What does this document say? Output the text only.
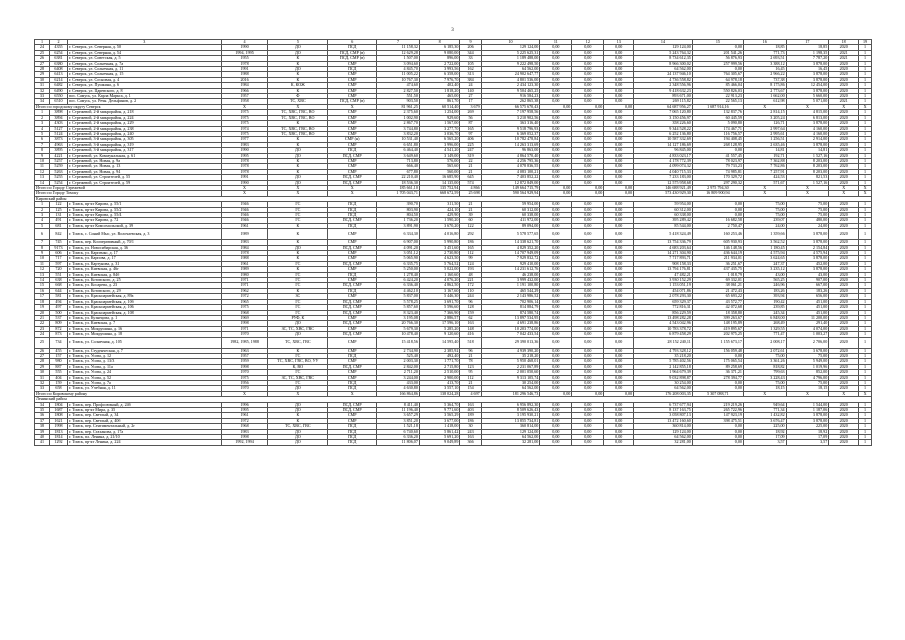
3
1	2	3	4	5	6	7	8	9	10	11	12	13	14	15	16	17	18	19
24	4355	г. Северск, ул. Северная, д. 50	1990	ДО	ПСД	11 158,32	6 185,30	206	129 124,00	0,00	0,00	0,00	129 124,00	0,00	18,85	18,85	2020	1
25	6254	г. Северск, ул. Северная, д. 54	1994, 1995	ДО	ПСД, СМР (в)	12 629,28	9 080,00	344	5 225 625,31	0,00	0,00	0,00	5 243 764,32	201 541,26	771,73	1 198,35	2021	1
26	6381	г. Северск, ул. Советская, д. 5	1955	К	ПСД, СМР (в)	1 507,00	896,00	33	1 189 488,00	0,00	0,00	0,00	8 734 612,35	56 876,93	2 693,51	7 787,20	2021	1
27	6380	г. Северск, ул. Солнечная, д. 7а	1978	К	СМР	3 094,60	2 722,00	105	9 222 498,50	0,00	0,00	0,00	8 966 300,02	257 999,56	3 388,12	3 878,00	2020	1
28	6408	г. Северск, ул. Солнечная, д. 11	1991	ДО	ПСД	4 845,70	3 993,56	162	64 562,00	0,00	0,00	0,00	64 562,00	0,00	16,45	16,45	2020	1
29	6413	г. Северск, ул. Солнечная, д. 15	1988	К	СМР	11 005,22	6 358,00	313	24 902 647,77	0,00	0,00	0,00	24 137 946,10	764 305,67	2 966,22	3 878,00	2020	1
30	6214	г. Северск, ул. Сосновая, д. 4	2016	К	СМР	10 767,30	7 976,70	384	4 801 536,00	0,00	0,00	0,00	4 736 558,82	64 978,18	737,38	3 878,00	2020	1
31	6482	г. Северск, ул. Пушкина, д. 6	1984	К, КОЖ	СМР	474,60	402,40	24	2 434 123,30	0,00	0,00	0,00	2 348 556,96	85 466,04	8 175,86	12 454,00	2020	1
32	6490	г. Северск, ул. Царевского, д. 8	1966	К	СМР	2 827,50	1 818,20	140	9 504 465,25	0,00	0,00	0,00	9 418 632,23	550 826,03	2 773,67	3 878,00	2020	1
33	6550	пос. Самусь, ул. Карла Маркса, д. 1	1957	Ф	СМР	551,50	465,00	27	916 584,23	0,00	0,00	0,00	893 671,00	22 913,23	1 662,00	5 660,00	2020	1
34	6510	пос. Самусь, ул. Речн. Дельфинов, д. 2	1958	ТС, ХВС	ПСД, СМР (в)	903,50	861,70	17	262 865,38	0,00	0,00	0,00	269 115,82	22 565,13	612,98	5 071,00	2021	1
Итого по городскому округу Северск			Х	Х	Х	81 961,25	60 514,40	3 679	66 575 670,43	0,00	0,00	0,00	64 687 956,27	1 687 914,16	Х	Х	Х	Х
1	3898	г. Стрежевой, 2-й микрорайон, д. 218	1975	ТС, ХВС, ГВС, ВО	СМР	2 375,60	1 254,00	269	7 197 958,56	0,00	0,00	0,00	7 065 120,80	132 837,76	2 814,15	4 815,00	2020	1
2	3894	г. Стрежевой, 2-й микрорайон, д. 224	1975	ТС, ХВС, ГВС, ВО	СМР	1 002,90	929,60	56	3 210 902,56	0,00	0,00	0,00	3 150 456,97	60 445,59	3 205,24	6 813,00	2020	1
3	4303	г. Стрежевой, 2-й микрорайон, д. 229	1975	К	СМР	2 867,70	1 567,00	87	363 316,40	0,00	0,00	0,00	358 226,60	5 090,80	126,71	3 878,00	2020	1
4	5127	г. Стрежевой, 2-й микрорайон, д. 238	1974	ТС, ХВС, ГВС, ВО	СМР	3 744,80	3 277,70	165	9 518 796,93	0,00	0,00	0,00	9 344 528,22	174 467,71	2 997,64	4 160,00	2020	1
5	5124	г. Стрежевой, 2-й микрорайон, д. 240	1975	ТС, ХВС, ГВС, ВО	СМР	3 832,20	3 036,70	97	6 369 052,37	0,00	0,00	0,00	6 252 136,80	116 756,57	2 995,61	4 160,00	2020	1
6	3873	г. Стрежевой, 3-й микрорайон, д. 305	1977	К	СМР (н)	10 531,40	6 565,20	406	10 782 478,84	0,00	0,00	0,00	10 587 332,69	194 408,45	1 256,51	2 914,00	2020	1
7	4963	г. Стрежевой, 3-й микрорайон, д. 319	1983	К	СМР	6 651,80	3 996,00	225	14 263 313,69	0,00	0,00	0,00	14 127 186,69	268 128,95	2 635,46	3 878,00	2020	1
8	3895	г. Стрежевой, 3-й микрорайон, д. 317	1990	ДО	ПСД	6 464,40	4 541,20	247	96 863,00	0,00	0,00	0,00	96 845,00	0,00	14,81	14,81	2020	1
9	4221	г. Стрежевой, ул. Коммунальная, д. 61	1995	ДО	ПСД, СМР	3 649,60	3 149,00	319	4 864 570,40	0,00	0,00	0,00	4 833 023,17	41 557,45	192,71	1 527,16	2020	1
10	5257	г. Стрежевой, ул. Новая, д. 9а	1978	К	СМР	713,80	576,00	22	4 256 795,36	0,00	0,00	0,00	4 178 772,39	78 023,97	7 362,88	8 203,00	2020	1
11	5259	г. Стрежевой, ул. Новая, д. 13	1978	К	СМР	666,40	565,60	21	4 078 836,55	0,00	0,00	0,00	4 099 074,32	79 733,23	7 762,86	8 203,00	2020	1
12	5263	г. Стрежевой, ул. Новая, д. 94	1978	К	СМР	677,80	560,00	21	4 083 100,21	0,00	0,00	0,00	4 040 715,33	74 985,81	7 257,91	8 203,00	2020	1
13	5255	г. Стрежевой, ул. Строителей, д. 55	1991	ДО	ПСД, СМР	22 210,40	16 685,90	645	7 403 852,22	0,00	0,00	0,00	7 233 183,00	170 329,72	424,53	821,53	2020	1
14	5254	г. Стрежевой, ул. Строителей, д. 59	1990	ДО	ПСД, СМР	18 536,30	14 135,00	574	12 872 849,00	0,00	0,00	0,00	12 575 958,68	297 290,32	571,67	1 527,16	2020	1
Итого по Городу Стрежевой			Х	Х	Х	185 661,10	135 752,94	4 866	149 664 715,79	0,00	0,00	0,00	146 688 921,49	2 975 794,30	Х	Х	Х	Х
Итого по Городу Томску			Х	Х	Х	1 705 043,71	668 672,59	25 698	590 564 929,94	0,00	0,00	0,00	573 430 929,30	16 809 900,94	Х	Х	Х	Х
Кировский район																		
1	122	г. Томск, пр-кт Кирова, д. 55/1	1946	ГС	ПСД	390,70	311,50	21	59 954,00	0,00	0,00	0,00	59 954,00	0,00	75,00	75,00	2020	1
2	125	г. Томск, пр-кт Кирова, д. 55/2	1946	ГС	ПСД	803,90	424,10	21	60 312,00	0,00	0,00	0,00	60 312,00	0,00	75,00	75,00	2020	1
3	131	г. Томск, пр-кт Кирова, д. 55/4	1946	ГС	ПСД	804,50	429,90	39	60 338,00	0,00	0,00	0,00	60 338,00	0,00	75,00	75,00	2020	1
4	491	г. Томск, пр-кт Кирова, д. 72	1946	ГС	ПСД, СМР	1 736,20	1 590,20	60	411 972,00	0,00	0,00	0,00	395 289,42	16 682,58	239,07	480,00	2020	1
5	681	г. Томск, пр-кт Комсомольский, д. 39	1961	К	ПСД	3 891,90	3 670,20	122	89 094,00	0,00	0,00	0,00	85 544,00	2 750,47	24,00	24,00	2020	1
6	842	г. Томск, с. Синий Мыс, ул. Волочаевская, д. 3	1989	К	СМР	6 334,30	4 016,80	292	5 578 577,65	0,00	0,00	0,00	5 418 324,49	160 253,46	1 359,66	3 878,00	2020	1
7	745	г. Томск, пер. Кооперативный, д. 70/1	1983	К	СМР	6 907,00	5 990,80	186	14 338 621,70	0,00	0,00	0,00	13 754 336,79	605 930,93	3 562,52	3 878,00	2020	1
8	9173	г. Томск, ул. Новосибирская, д. 36	1984	ДО	ПСД, СМР	4 091,20	3 451,60	165	4 829 352,20	0,00	0,00	0,00	4 683 203,64	146 148,56	1 180,45	2 154,84	2020	1
9	606	г. Томск, ул. Карпенко, д. 17	1978	К	СМР	3 051,12	2 730,80	112	14 707 949,09	0,00	0,00	0,00	14 271 304,90	436 644,19	4 575,94	4 575,94	2020	1
10	717	г. Томск, ул. Карпова, д. 17	1988	К	СМР	5 065,90	4 623,50	99	7 929 832,72	0,00	0,00	0,00	7 717 893,71	211 934,01	3 624,65	3 878,00	2020	1
11	597	г. Томск, ул. Картунова, д. 31	1961	ГС	ПСД, СМР	6 335,75	5 764,52	124	929 410,00	0,00	0,00	0,00	908 158,33	36 251,67	247,37	452,00	2020	1
12	720	г. Томск, ул. Киевская, д. 46г	1989	К	СМР	5 250,00	5 022,00	193	14 231 612,76	0,00	0,00	0,00	13 794 176,81	437 435,75	3 235,12	3 878,00	2020	1
13	551	г. Томск, ул. Киевская, д. 84б	1980	ГС	ПСД	1 278,40	1 160,60	48	46 238,00	0,00	0,00	0,00	47 482,21	1 018,79	43,00	43,00	2020	1
14	638	г. Томск, ул. Котовского, д. 25	1971	ГС	СМР	6 424,20	4 076,20	221	3 999 432,00	0,00	0,00	0,00	3 930 152,29	69 332,01	565,25	907,00	2020	1
15	668	г. Томск, ул. Косарева, д. 23	1971	ГС	ПСД, СМР	6 336,40	4 862,50	172	1 191 100,80	0,00	0,00	0,00	1 153 051,19	38 061,21	246,96	667,00	2020	1
16	644	г. Томск, ул. Котовского, д. 29	1962	К	ПСД	4 462,10	3 167,60	110	465 544,29	0,00	0,00	0,00	454 071,86	21 472,43	183,26	183,26	2020	1
17	581	г. Томск, ул. Красноармейская, д. 89а	1972	ЗС	СМР	5 837,00	5 446,30	244	2 143 986,52	0,00	0,00	0,00	2 078 293,30	65 693,22	393,94	656,00	2020	1
18	494	г. Томск, ул. Красноармейская, д. 10б	1965	ГС	ПСД, СМР	5 578,25	3 691,70	96	702 906,14	0,00	0,00	0,00	659 329,37	43 572,77	190,42	451,00	2020	1
19	497	г. Томск, ул. Красноармейская, д. 106	1975	ГС	ПСД, СМР	5 857,60	5 596,60	128	814 884,79	0,00	0,00	0,00	772 816,31	42 072,68	239,85	451,00	2020	1
20	500	г. Томск, ул. Красноармейская, д. 108	1968	ГС	ПСД, СМР	8 323,40	7 366,90	159	874 580,74	0,00	0,00	0,00	856 229,59	18 358,80	245,34	451,00	2020	1
21	537	г. Томск, ул. Кузнецова, д. 1	1969	РУФ, К	СМР	3 195,08	2 886,57	62	13 897 534,95	0,00	0,00	0,00	13 498 282,28	399 263,67	6 848,00	11 200,00	2020	1
22	809	г. Томск, ул. Киевская, д. 7	1998	ДО	ПСД, СМР	20 766,30	17 596,10	163	4 691 238,86	0,00	0,00	0,00	4 543 042,96	148 195,89	268,49	291,40	2020	1
23	872	г. Томск, ул. Мокрушина, д. 16	1971	ЗС, ТС, ХВС, ГВС	СМР	5 679,30	5 285,20	148	10 203 774,00	0,00	0,00	0,00	10 783 378,72	419 895,67	1 329,55	4 074,00	2020	1
24	873	г. Томск, ул. Мокрушина, д. 18	1970	ДО	ПСД, СМР	10 478,40	9 120,60	416	7 042 433,54	0,00	0,00	0,00	6 879 458,29	202 975,25	771,47	1 003,27	2020	1
25	734	г. Томск, ул. Солнечная, д. 105	1982, 1985, 1988	ТС, ХВС, ГВС	СМР	15 418,56	14 595,40	518	29 390 013,36	0,00	0,00	0,00	28 152 240,11	1 155 673,17	2 008,17	2 706,00	2020	1
26	455	г. Томск, ул. Студенческая, д. 7	1963	К	СМР	2 734,90	2 385,92	96	4 939 390,20	0,00	0,00	0,00	4 793 328,12	156 059,48	2 072,61	3 678,00	2020	1
27	157	г. Томск, ул. Усова, д. 12	1957	ГС	ПСД	525,40	492,40	21	35 218,20	0,00	0,00	0,00	35 218,20	0,00	75,00	75,00	2020	1
28	980	г. Томск, ул. Усова, д. 13/3	1959	ТС, ХВС, ГВС, ВО, УУ	СМР	2 003,30	1 771,70	78	5 950 468,01	0,00	0,00	0,00	5 785 402,56	175 065,54	3 361,26	5 949,00	2020	1
29	887	г. Томск, ул. Усова, д. 11а	1998	К, ВО	ПСД, СМР	2 842,00	2 715,80	123	2 231 067,89	0,00	0,00	0,00	2 142 855,18	89 258,69	818,82	1 019,96	2020	1
30	555	г. Томск, ул. Усова, д. 24	1970	ГС	СМР	2 711,20	2 510,00	95	2 001 050,60	0,00	0,00	0,00	1 964 679,39	36 371,21	799,63	852,00	2020	1
31	404	г. Томск, ул. Усова, д. 52	1975	ЗС, ТС, ХВС, ГВС	СМР	3 244,00	2 900,00	112	9 313 105,74	0,00	0,00	0,00	9 032 898,87	278 394,77	3 228,43	4 796,00	2020	1
32	159	г. Томск, ул. Усова, д. 7а	1956	ГС	ПСД	433,00	413,70	21	30 254,00	0,00	0,00	0,00	30 254,00	0,00	75,00	75,00	2020	1
33	658	г. Томск, ул. Учебная, д. 11	1970	ДО	ПСД	4 630,80	3 557,10	154	64 562,00	0,00	0,00	0,00	64 562,00	0,00	18,15	18,15	2020	1
Итого по Кировскому району			Х	Х	Х	166 864,86	138 024,28	4 697	181 296 546,73	0,00	0,00	0,00	176 208 003,35	5 307 088,71	Х	Х	Х	Х
Ленинский район																		
34	1804	г. Томск, пер. Профсоюзный, д. 24б	1996	ДО	ПСД, СМР	8 411,40	5 364,70	163	6 956 892,30	0,00	0,00	0,00	6 737 677,94	219 219,26	949,64	1 544,00	2020	1
35	1687	г. Томск, пр-кт Мира, д. 35	1995	ДО	ПСД, СМР	11 196,40	9 771,60	403	8 509 626,43	0,00	0,00	0,00	8 137 163,75	265 722,96	771,34	1 187,06	2020	1
36	1808	г. Томск, пер. Светлый, д. 34	1961	К	СМР	3 657,29	3 565,29	189	3 195 930,21	0,00	0,00	0,00	3 058 807,13	147 923,19	1 432,82	3 878,00	2020	1
37	1621	г. Томск, пер. Светлый, д. 40б	1972	К	СМР	3 851,20	3 677,00	186	13 855 734,81	0,00	0,00	0,00	13 472 160,60	398 475,51	3 676,47	3 878,00	2020	1
38	1998	г. Томск, пер. Сентиментальный, д. 2г	1968	ТС, ХВС, ГВС	ПСД	1 521,18	1 418,00	30	360 814,00	0,00	0,00	0,00	360 814,00	0,00	225,00	225,00	2020	1
39	1813	г. Томск, пер. Стаханова, д. 17а	1983	ДО	ПСД	6 740,60	5 861,42	243	129 124,00	0,00	0,00	0,00	129 124,00	0,00	18,92	18,92	2020	1
40	1814	г. Томск, пл. Ленина, д. 21/10	1998	ДО	ПСД	6 336,20	5 691,20	163	64 562,00	0,00	0,00	0,00	64 562,00	0,00	17,09	17,09	2020	1
41	1292	г. Томск, пр-кт Ленина, д. 224	1992, 1994	ДО	ПСД	11 806,07	9 049,89	366	32 281,00	0,00	0,00	0,00	32 281,00	0,00	3,57	3,57	2020	1
